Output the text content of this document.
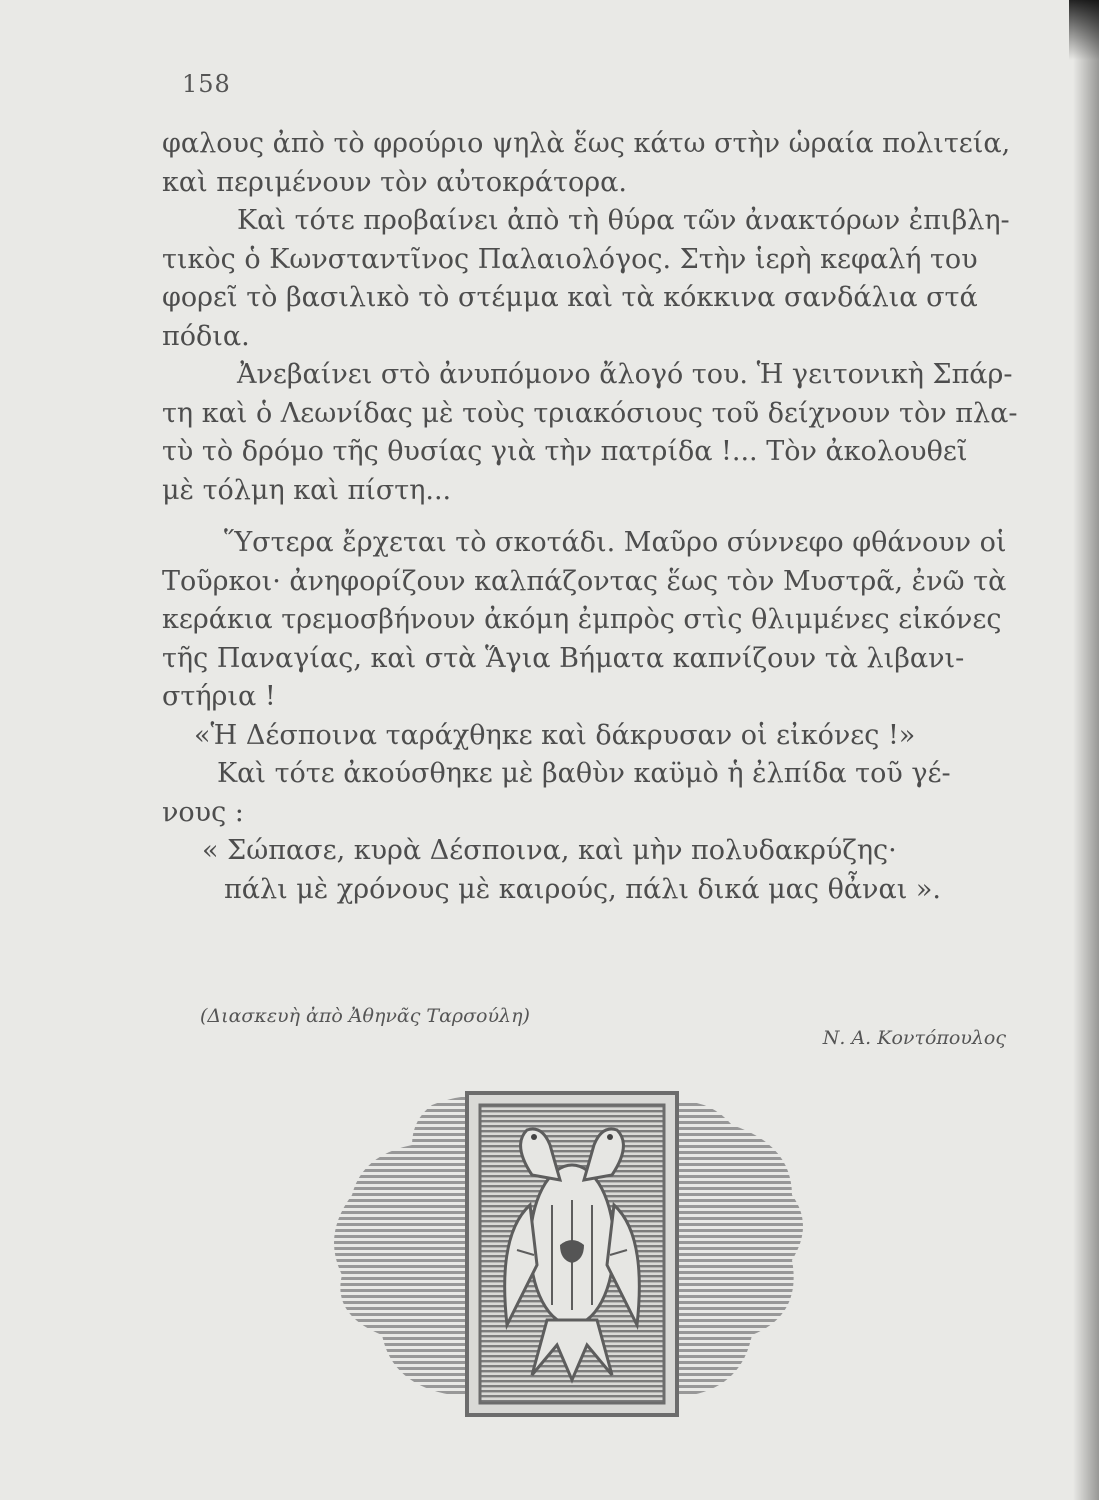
158
φαλους ἀπὸ τὸ φρούριο ψηλὰ ἕως κάτω στὴν ὡραία πολιτεία,
καὶ περιμένουν τὸν αὐτοκράτορα.
Καὶ τότε προβαίνει ἀπὸ τὴ θύρα τῶν ἀνακτόρων ἐπιβλη-
τικὸς ὁ Κωνσταντῖνος Παλαιολόγος. Στὴν ἱερὴ κεφαλή του
φορεῖ τὸ βασιλικὸ τὸ στέμμα καὶ τὰ κόκκινα σανδάλια στά
πόδια.
Ἀνεβαίνει στὸ ἀνυπόμονο ἄλογό του. Ἡ γειτονικὴ Σπάρ-
τη καὶ ὁ Λεωνίδας μὲ τοὺς τριακόσιους τοῦ δείχνουν τὸν πλα-
τὺ τὸ δρόμο τῆς θυσίας γιὰ τὴν πατρίδα !... Τὸν ἀκολουθεῖ
μὲ τόλμη καὶ πίστη...
Ὕστερα ἔρχεται τὸ σκοτάδι. Μαῦρο σύννεφο φθάνουν οἱ
Τοῦρκοι· ἀνηφορίζουν καλπάζοντας ἕως τὸν Μυστρᾶ, ἐνῶ τὰ
κεράκια τρεμοσβήνουν ἀκόμη ἐμπρὸς στὶς θλιμμένες εἰκόνες
τῆς Παναγίας, καὶ στὰ Ἅγια Βήματα καπνίζουν τὰ λιβανι-
στήρια !
«Ἡ Δέσποινα ταράχθηκε καὶ δάκρυσαν οἱ εἰκόνες !»
Καὶ τότε ἀκούσθηκε μὲ βαθὺν καϋμὸ ἡ ἐλπίδα τοῦ γέ-
νους :
« Σώπασε, κυρὰ Δέσποινα, καὶ μὴν πολυδακρύζης·
πάλι μὲ χρόνους μὲ καιρούς, πάλι δικά μας θἆναι ».
(Διασκευὴ ἀπὸ Ἀθηνᾶς Ταρσούλη)
Ν. Α. Κοντόπουλος
